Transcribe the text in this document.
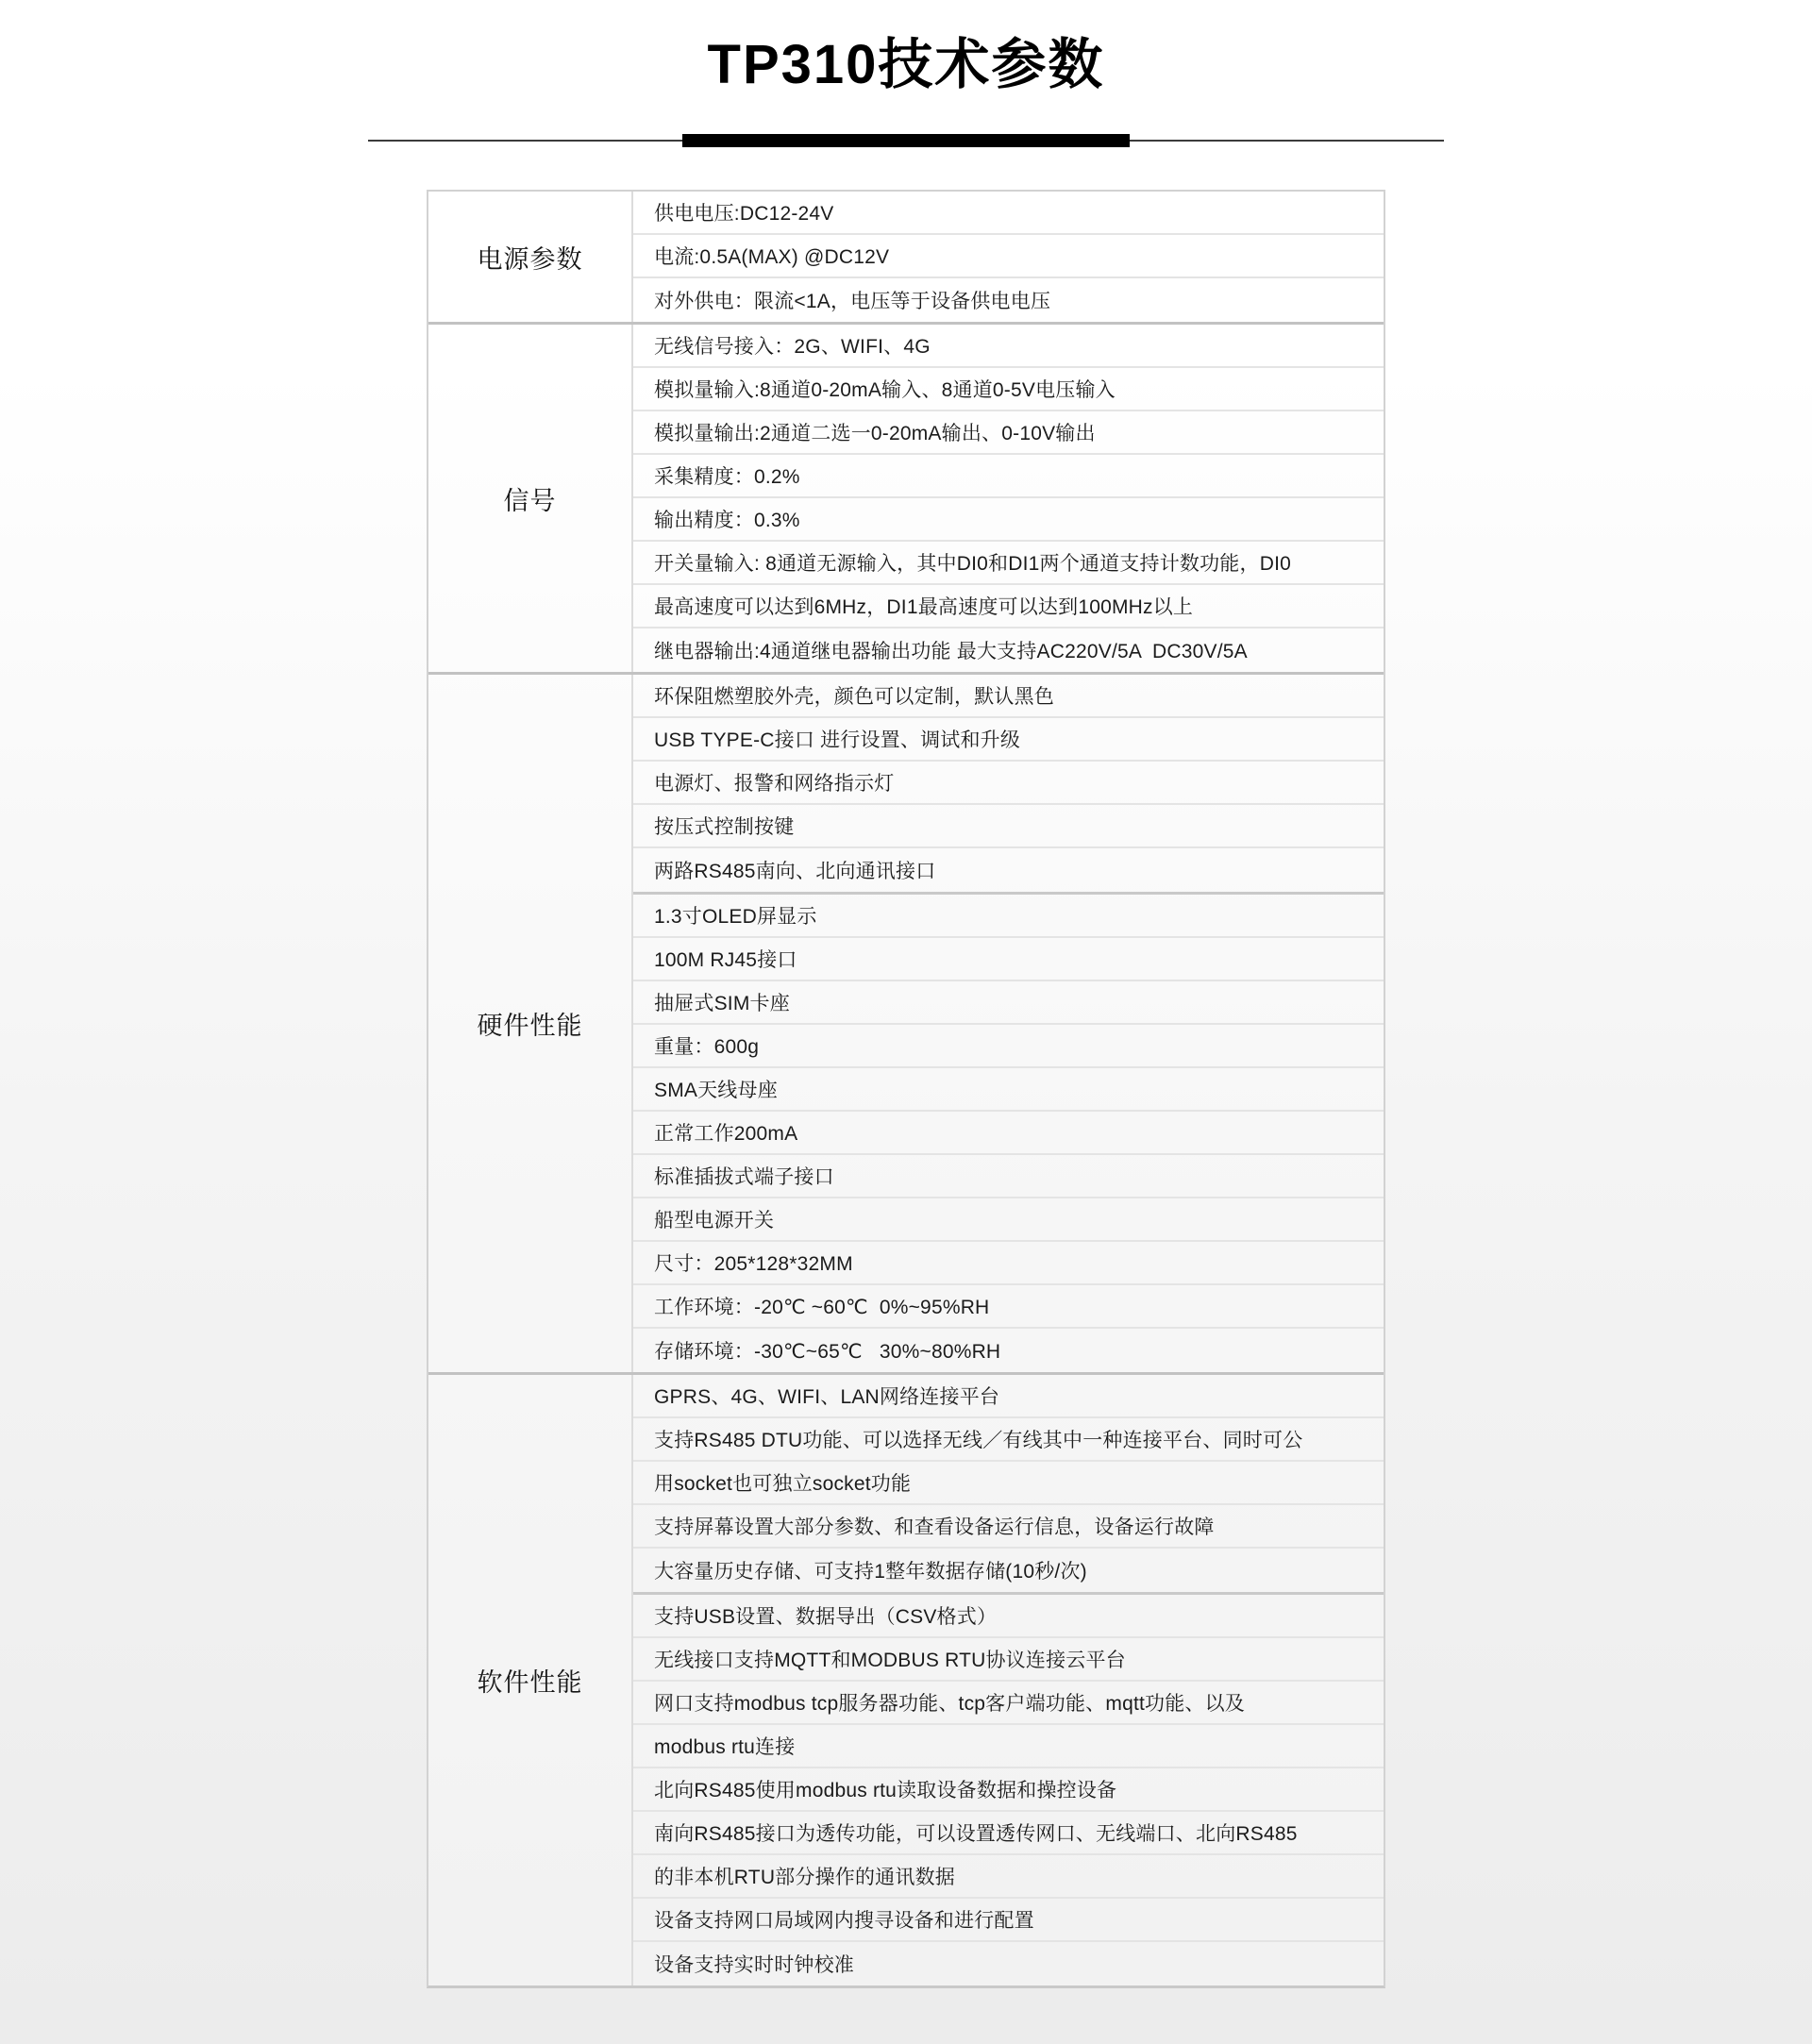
TP310技术参数
电源参数
供电电压:DC12-24V
电流:0.5A(MAX) @DC12V
对外供电：限流<1A，电压等于设备供电电压
信号
无线信号接入：2G、WIFI、4G
模拟量输入:8通道0-20mA输入、8通道0-5V电压输入
模拟量输出:2通道二选一0-20mA输出、0-10V输出
采集精度：0.2%
输出精度：0.3%
开关量输入: 8通道无源输入，其中DI0和DI1两个通道支持计数功能，DI0
最高速度可以达到6MHz，DI1最高速度可以达到100MHz以上
继电器输出:4通道继电器输出功能 最大支持AC220V/5A  DC30V/5A
硬件性能
环保阻燃塑胶外壳，颜色可以定制，默认黑色
USB TYPE-C接口 进行设置、调试和升级
电源灯、报警和网络指示灯
按压式控制按键
两路RS485南向、北向通讯接口
1.3寸OLED屏显示
100M RJ45接口
抽屉式SIM卡座
重量：600g
SMA天线母座
正常工作200mA
标准插拔式端子接口
船型电源开关
尺寸：205*128*32MM
工作环境：-20℃ ~60℃  0%~95%RH
存储环境：-30℃~65℃   30%~80%RH
软件性能
GPRS、4G、WIFI、LAN网络连接平台
支持RS485 DTU功能、可以选择无线／有线其中一种连接平台、同时可公
用socket也可独立socket功能
支持屏幕设置大部分参数、和查看设备运行信息，设备运行故障
大容量历史存储、可支持1整年数据存储(10秒/次)
支持USB设置、数据导出（CSV格式）
无线接口支持MQTT和MODBUS RTU协议连接云平台
网口支持modbus tcp服务器功能、tcp客户端功能、mqtt功能、以及
modbus rtu连接
北向RS485使用modbus rtu读取设备数据和操控设备
南向RS485接口为透传功能，可以设置透传网口、无线端口、北向RS485
的非本机RTU部分操作的通讯数据
设备支持网口局域网内搜寻设备和进行配置
设备支持实时时钟校准
